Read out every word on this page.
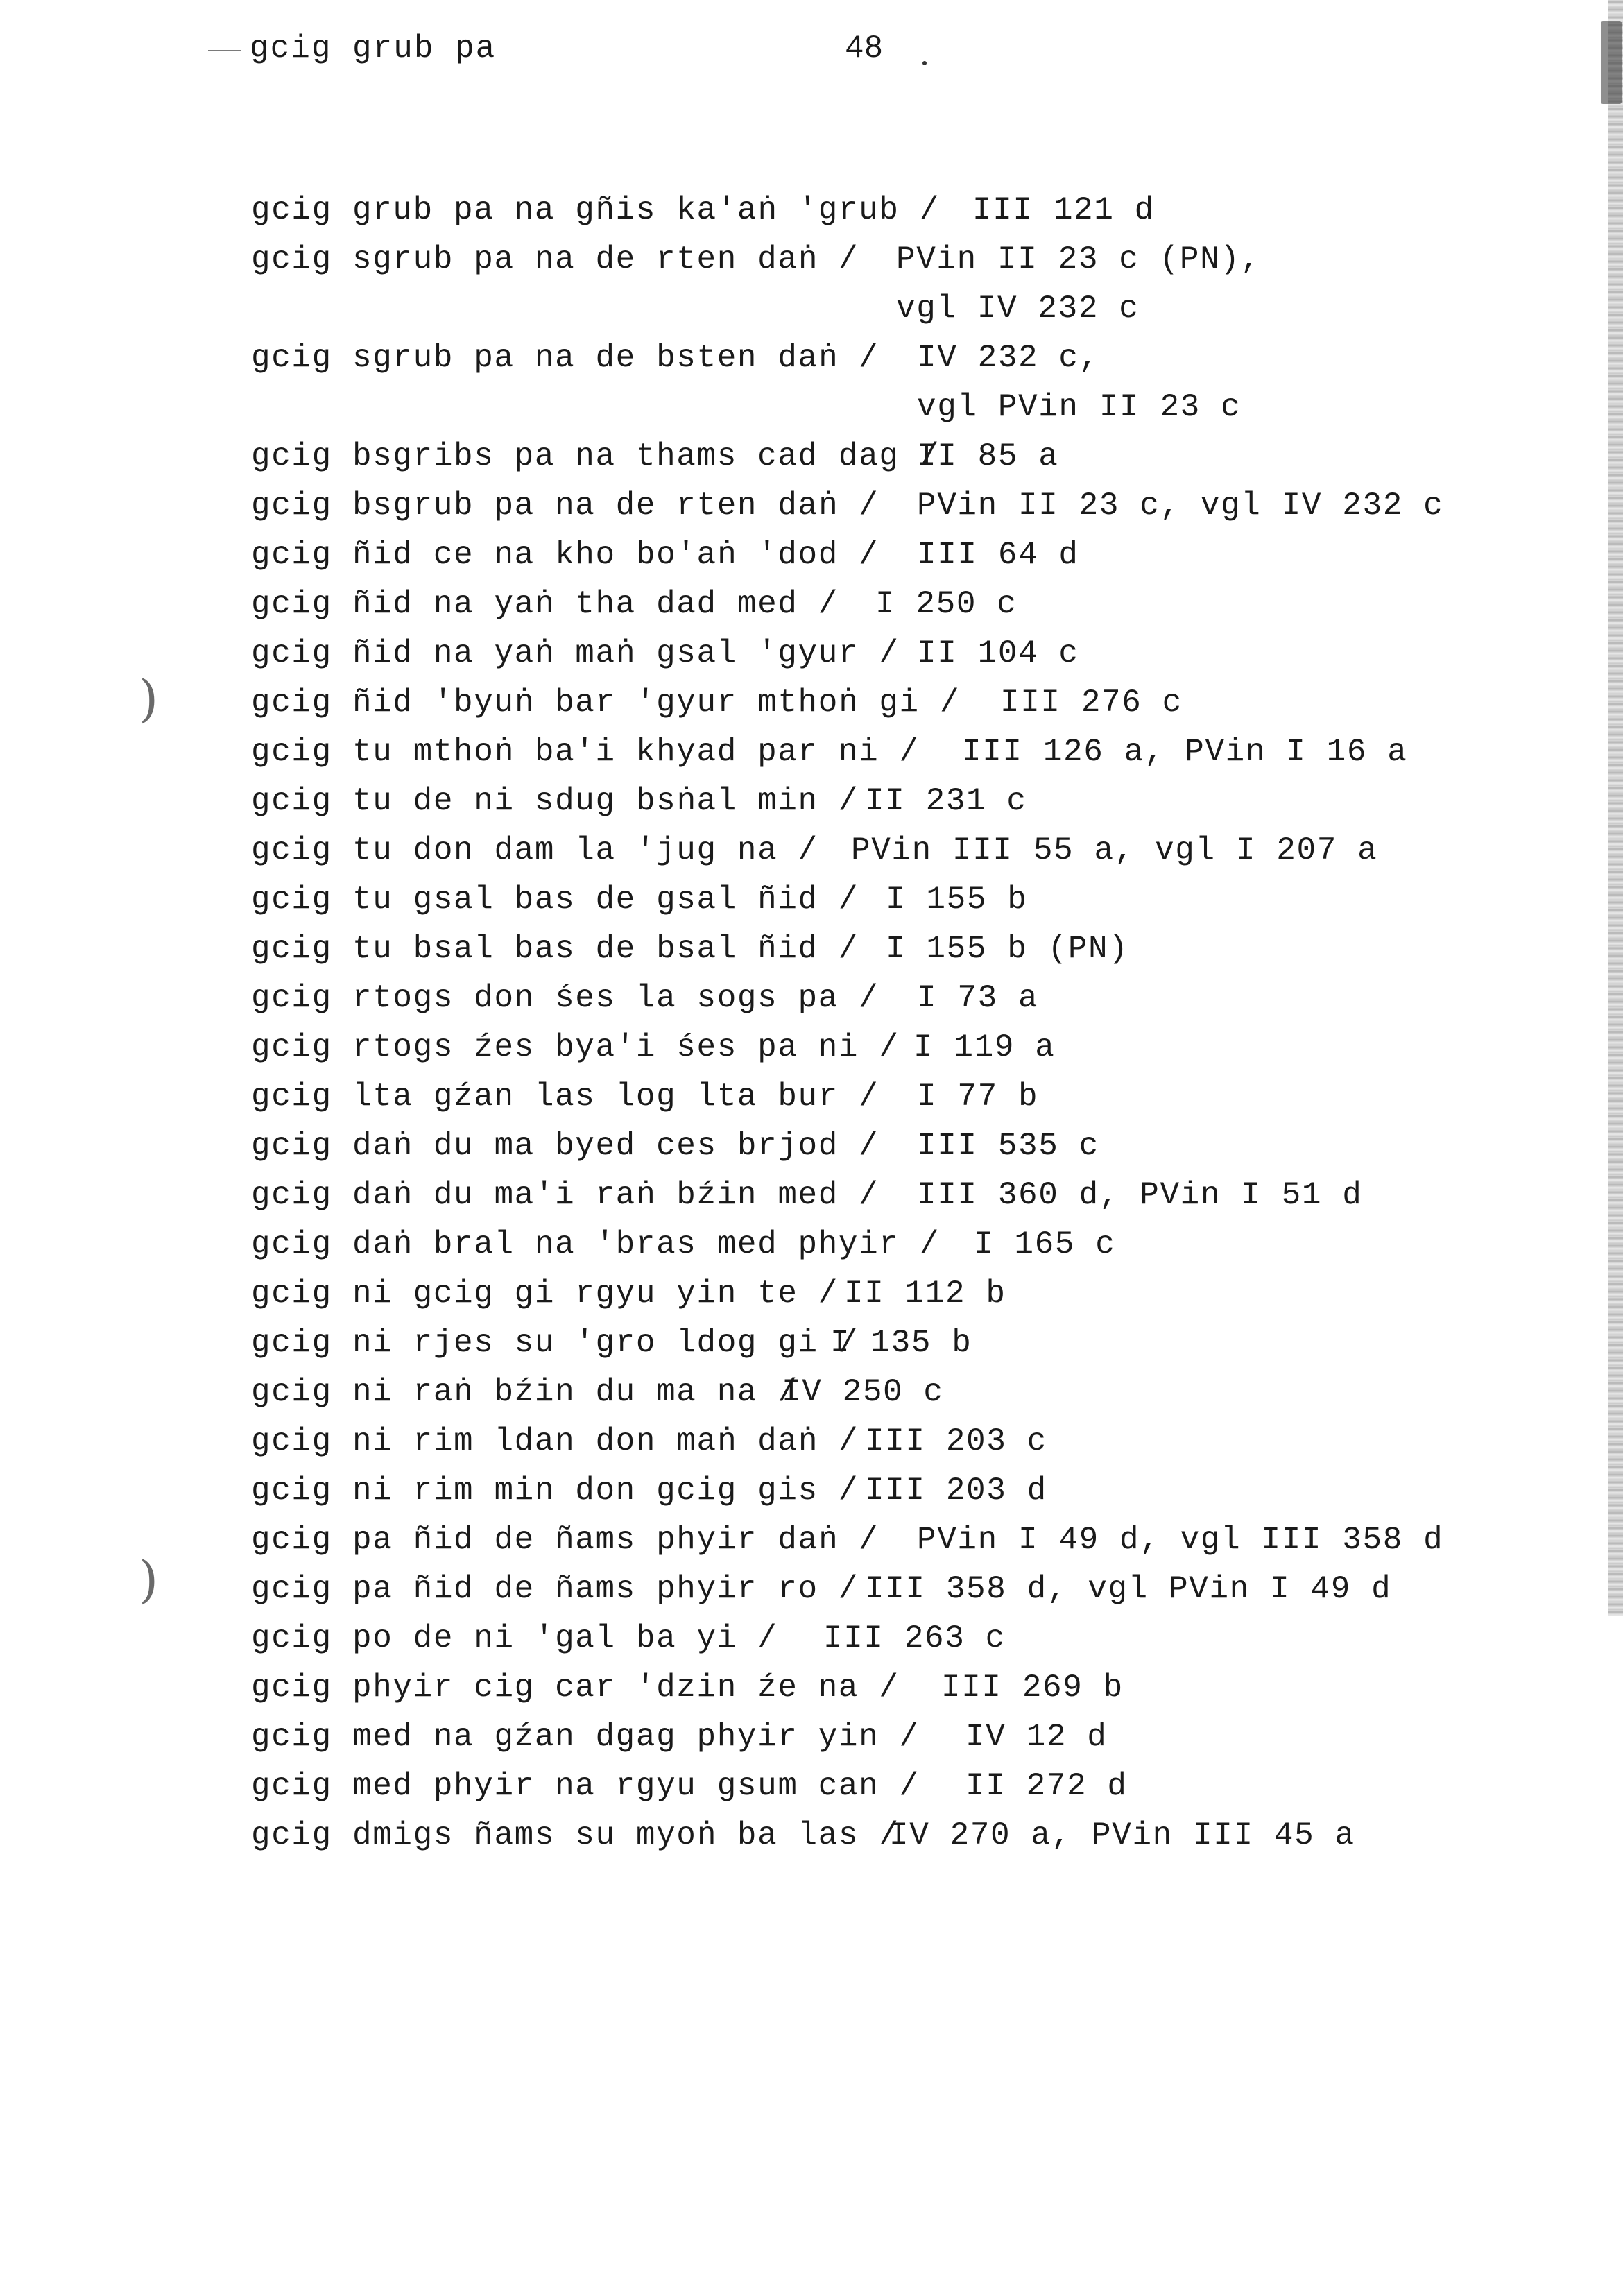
gcig grub pa	48
)
)
gcig grub pa na gñis ka'aṅ 'grub / III 121 d
gcig sgrub pa na de rten daṅ / PVin II 23 c (PN),
vgl IV 232 c
gcig sgrub pa na de bsten daṅ / IV 232 c,
vgl PVin II 23 c
gcig bsgribs pa na thams cad dag /
II 85 a
gcig bsgrub pa na de rten daṅ / PVin II 23 c, vgl IV 232 c
gcig ñid ce na kho bo'aṅ 'dod / III 64 d
gcig ñid na yaṅ tha dad med / I 250 c
gcig ñid na yaṅ maṅ gsal 'gyur / II 104 c
gcig ñid 'byuṅ bar 'gyur mthoṅ gi / III 276 c
gcig tu mthoṅ ba'i khyad par ni / III 126 a, PVin I 16 a
gcig tu de ni sdug bsṅal min / II 231 c
gcig tu don dam la 'jug na / PVin III 55 a, vgl I 207 a
gcig tu gsal bas de gsal ñid / I 155 b
gcig tu bsal bas de bsal ñid / I 155 b (PN)
gcig rtogs don śes la sogs pa / I 73 a
gcig rtogs źes bya'i śes pa ni / I 119 a
gcig lta gźan las log lta bur / I 77 b
gcig daṅ du ma byed ces brjod / III 535 c
gcig daṅ du ma'i raṅ bźin med / III 360 d, PVin I 51 d
gcig daṅ bral na 'bras med phyir / I 165 c
gcig ni gcig gi rgyu yin te / II 112 b
gcig ni rjes su 'gro ldog gi /
I 135 b
gcig ni raṅ bźin du ma na /
IV 250 c
gcig ni rim ldan don maṅ daṅ / III 203 c
gcig ni rim min don gcig gis / III 203 d
gcig pa ñid de ñams phyir daṅ / PVin I 49 d, vgl III 358 d
gcig pa ñid de ñams phyir ro / III 358 d, vgl PVin I 49 d
gcig po de ni 'gal ba yi / III 263 c
gcig phyir cig car 'dzin źe na / III 269 b
gcig med na gźan dgag phyir yin / IV 12 d
gcig med phyir na rgyu gsum can / II 272 d
gcig dmigs ñams su myoṅ ba las /
IV 270 a, PVin III 45 a
